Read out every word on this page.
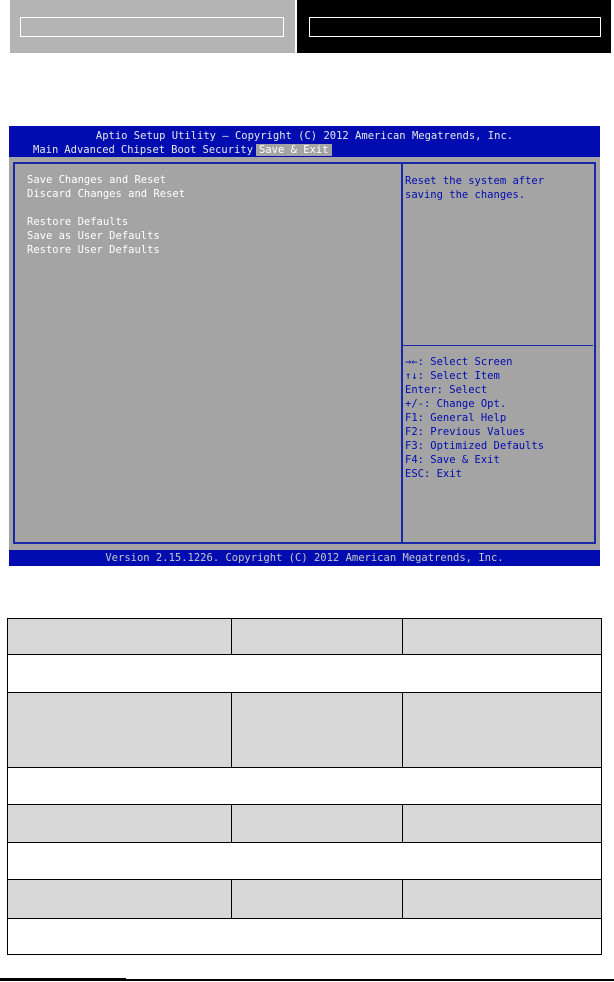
Aptio Setup Utility – Copyright (C) 2012 American Megatrends, Inc.
Main Advanced Chipset Boot Security Save & Exit
Save Changes and Reset
Discard Changes and Reset
Restore Defaults
Save as User Defaults
Restore User Defaults
Reset the system after saving the changes.
→←: Select Screen
↑↓: Select Item
Enter: Select
+/-: Change Opt.
F1: General Help
F2: Previous Values
F3: Optimized Defaults
F4: Save & Exit
ESC: Exit
Version 2.15.1226. Copyright (C) 2012 American Megatrends, Inc.
